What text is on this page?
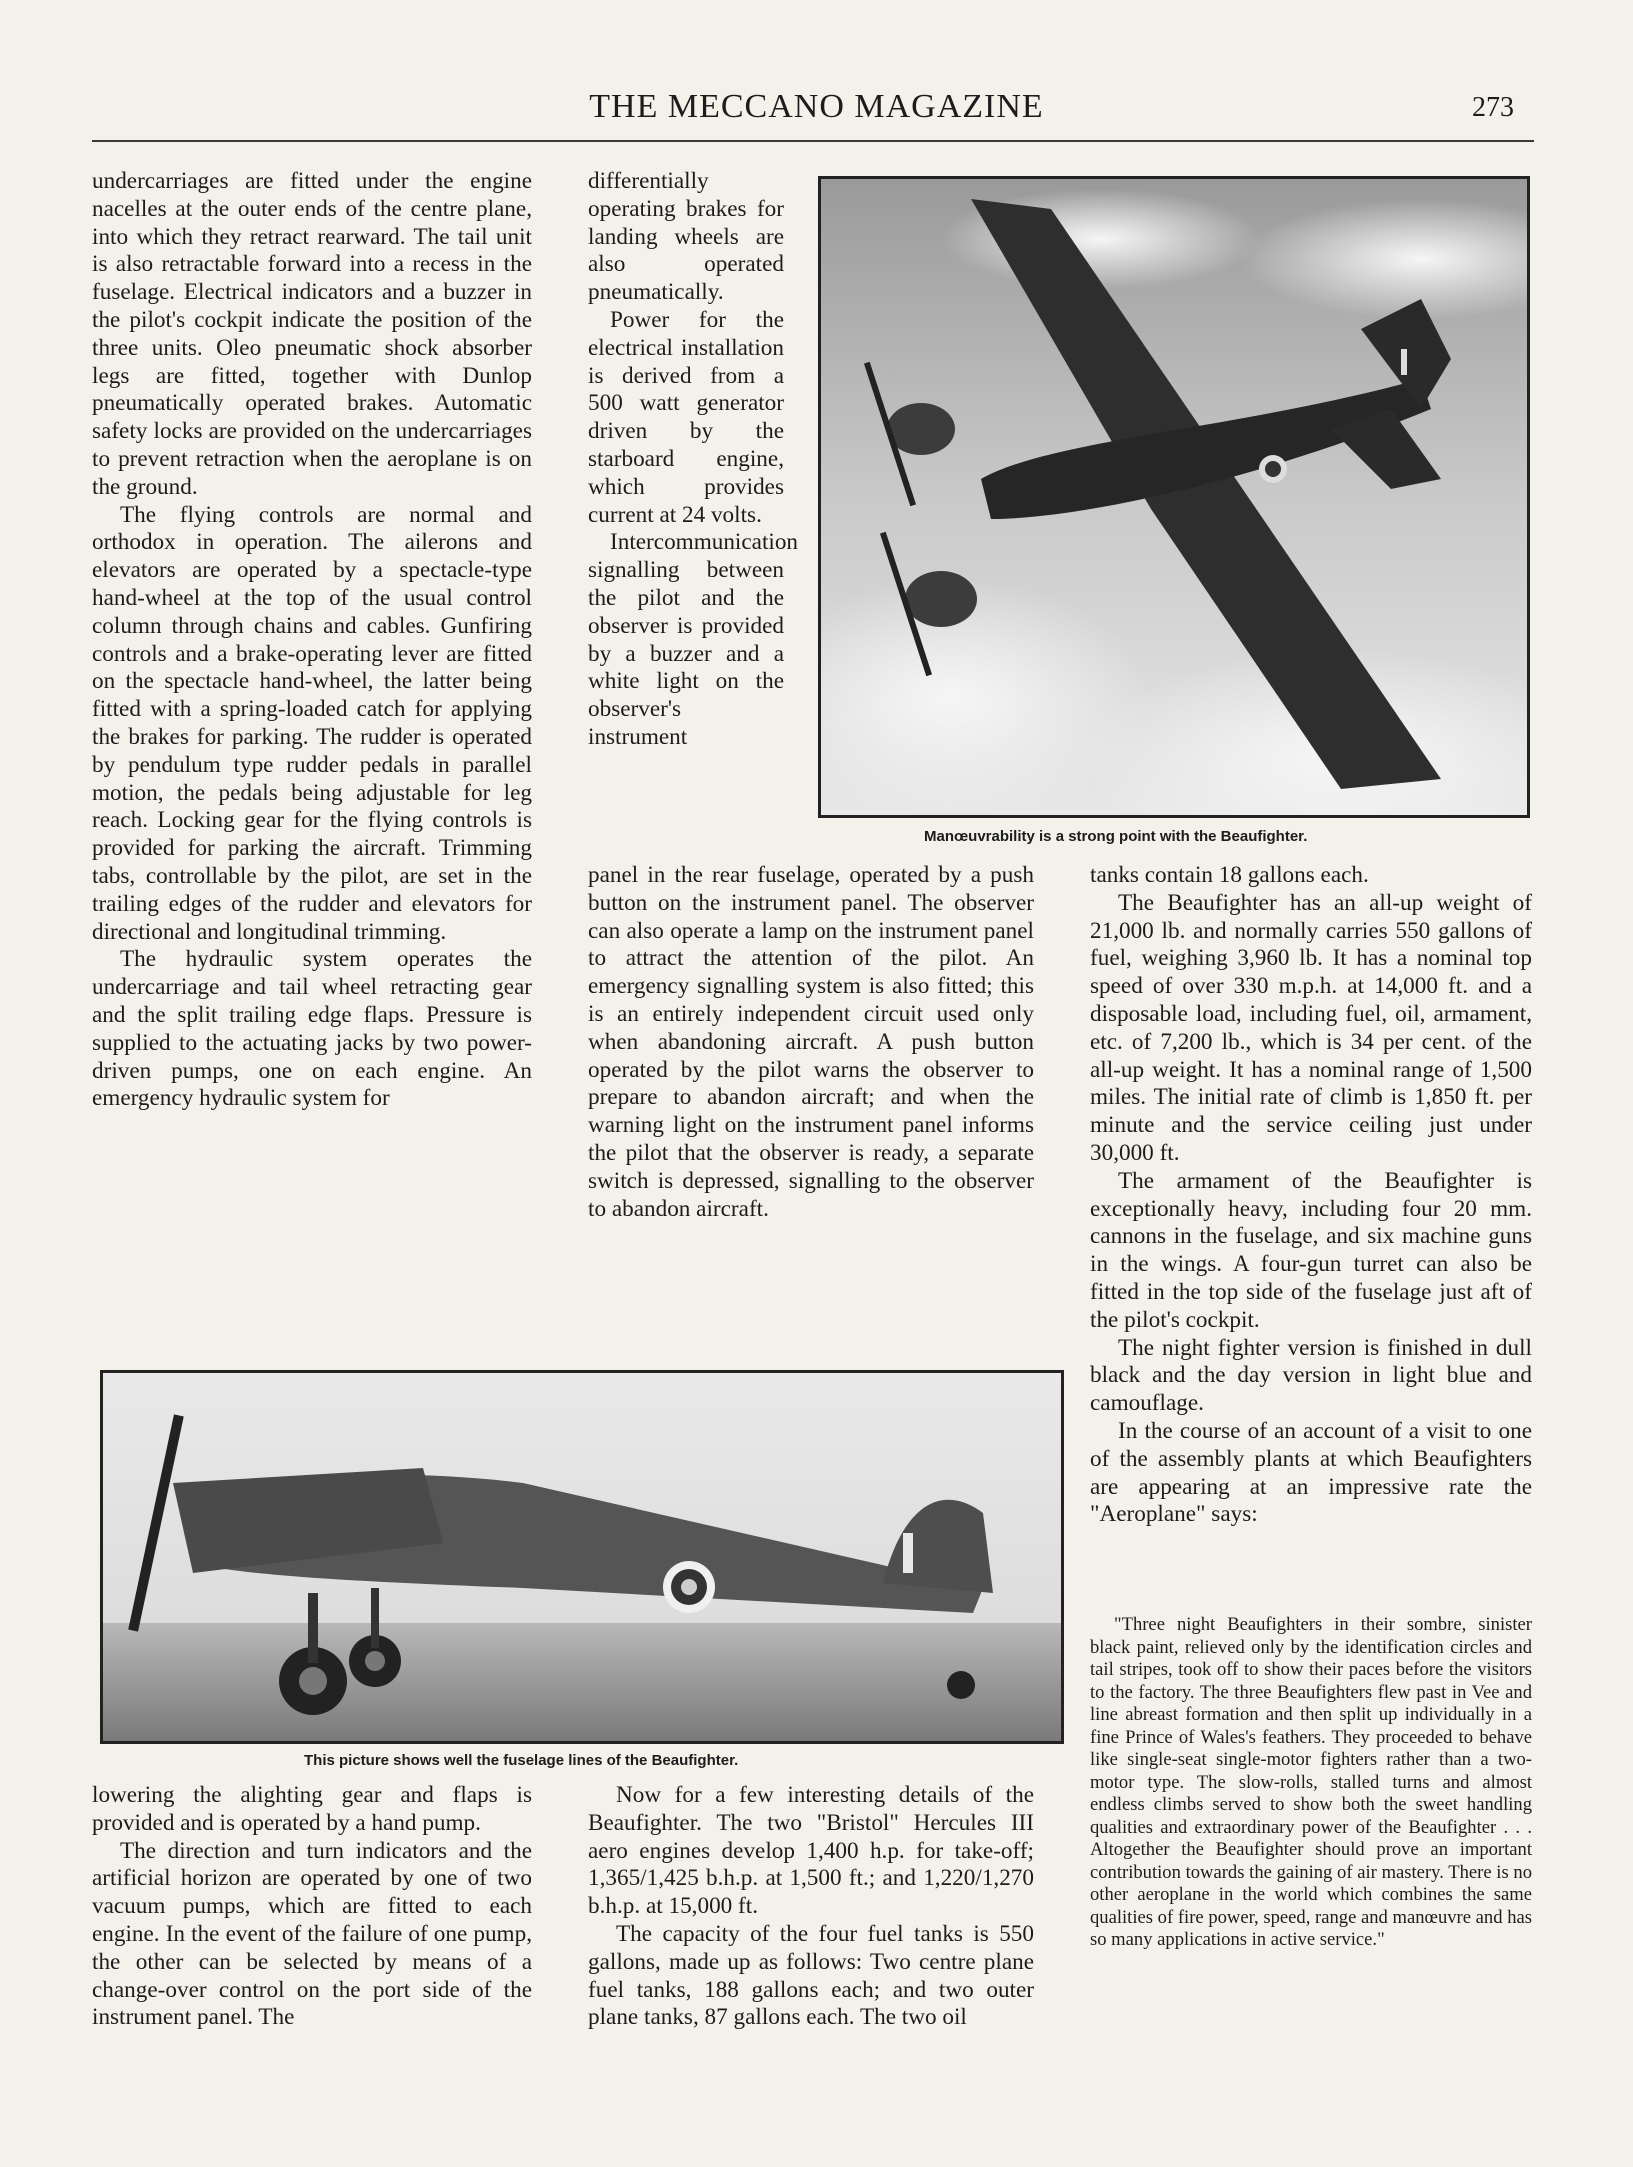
THE MECCANO MAGAZINE	273

undercarriages are fitted under the engine nacelles at the outer ends of the centre plane, into which they retract rearward. The tail unit is also retractable forward into a recess in the fuselage. Electrical indicators and a buzzer in the pilot's cockpit indicate the position of the three units. Oleo pneumatic shock absorber legs are fitted, together with Dunlop pneumatically operated brakes. Automatic safety locks are provided on the undercarriages to prevent retraction when the aeroplane is on the ground.

The flying controls are normal and orthodox in operation. The ailerons and elevators are operated by a spectacle-type hand-wheel at the top of the usual control column through chains and cables. Gunfiring controls and a brake-operating lever are fitted on the spectacle hand-wheel, the latter being fitted with a spring-loaded catch for applying the brakes for parking. The rudder is operated by pendulum type rudder pedals in parallel motion, the pedals being adjustable for leg reach. Locking gear for the flying controls is provided for parking the aircraft. Trimming tabs, controllable by the pilot, are set in the trailing edges of the rudder and elevators for directional and longitudinal trimming.

The hydraulic system operates the undercarriage and tail wheel retracting gear and the split trailing edge flaps. Pressure is supplied to the actuating jacks by two power-driven pumps, one on each engine. An emergency hydraulic system for

differentially operating brakes for landing wheels are also operated pneumatically.

Power for the electrical installation is derived from a 500 watt generator driven by the starboard engine, which provides current at 24 volts.

Intercommunication signalling between the pilot and the observer is provided by a buzzer and a white light on the observer's instrument

Manœuvrability is a strong point with the Beaufighter.

panel in the rear fuselage, operated by a push button on the instrument panel. The observer can also operate a lamp on the instrument panel to attract the attention of the pilot. An emergency signalling system is also fitted; this is an entirely independent circuit used only when abandoning aircraft. A push button operated by the pilot warns the observer to prepare to abandon aircraft; and when the warning light on the instrument panel informs the pilot that the observer is ready, a separate switch is depressed, signalling to the observer to abandon aircraft.

tanks contain 18 gallons each.

The Beaufighter has an all-up weight of 21,000 lb. and normally carries 550 gallons of fuel, weighing 3,960 lb. It has a nominal top speed of over 330 m.p.h. at 14,000 ft. and a disposable load, including fuel, oil, armament, etc. of 7,200 lb., which is 34 per cent. of the all-up weight. It has a nominal range of 1,500 miles. The initial rate of climb is 1,850 ft. per minute and the service ceiling just under 30,000 ft.

The armament of the Beaufighter is exceptionally heavy, including four 20 mm. cannons in the fuselage, and six machine guns in the wings. A four-gun turret can also be fitted in the top side of the fuselage just aft of the pilot's cockpit.

The night fighter version is finished in dull black and the day version in light blue and camouflage.

In the course of an account of a visit to one of the assembly plants at which Beaufighters are appearing at an impressive rate the "Aeroplane" says:

"Three night Beaufighters in their sombre, sinister black paint, relieved only by the identification circles and tail stripes, took off to show their paces before the visitors to the factory. The three Beaufighters flew past in Vee and line abreast formation and then split up individually in a fine Prince of Wales's feathers. They proceeded to behave like single-seat single-motor fighters rather than a two-motor type. The slow-rolls, stalled turns and almost endless climbs served to show both the sweet handling qualities and extraordinary power of the Beaufighter . . . Altogether the Beaufighter should prove an important contribution towards the gaining of air mastery. There is no other aeroplane in the world which combines the same qualities of fire power, speed, range and manœuvre and has so many applications in active service."

This picture shows well the fuselage lines of the Beaufighter.

lowering the alighting gear and flaps is provided and is operated by a hand pump.

The direction and turn indicators and the artificial horizon are operated by one of two vacuum pumps, which are fitted to each engine. In the event of the failure of one pump, the other can be selected by means of a change-over control on the port side of the instrument panel. The

Now for a few interesting details of the Beaufighter. The two "Bristol" Hercules III aero engines develop 1,400 h.p. for take-off; 1,365/1,425 b.h.p. at 1,500 ft.; and 1,220/1,270 b.h.p. at 15,000 ft.

The capacity of the four fuel tanks is 550 gallons, made up as follows: Two centre plane fuel tanks, 188 gallons each; and two outer plane tanks, 87 gallons each. The two oil
